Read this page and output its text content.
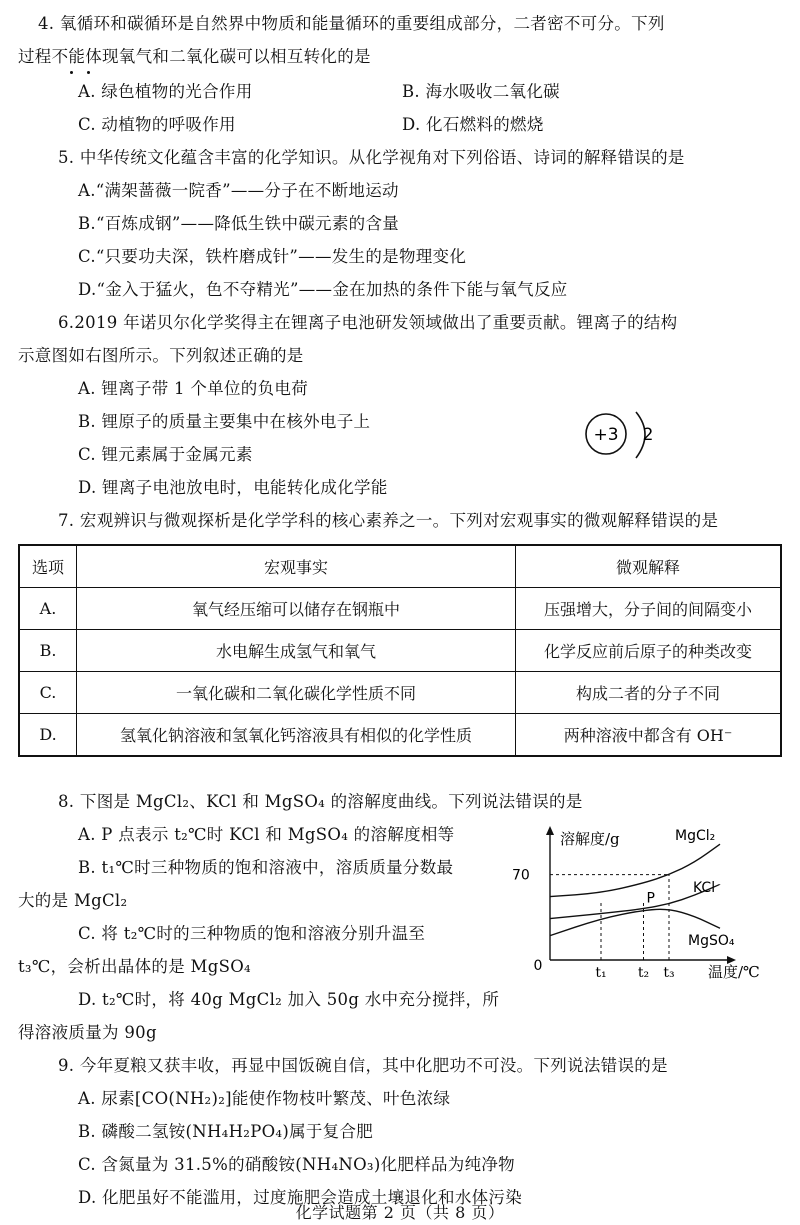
4. 氧循环和碳循环是自然界中物质和能量循环的重要组成部分，二者密不可分。下列
过程不能体现氧气和二氧化碳可以相互转化的是
A. 绿色植物的光合作用	B. 海水吸收二氧化碳
C. 动植物的呼吸作用	D. 化石燃料的燃烧
5. 中华传统文化蕴含丰富的化学知识。从化学视角对下列俗语、诗词的解释错误的是
A.“满架蔷薇一院香”——分子在不断地运动
B.“百炼成钢”——降低生铁中碳元素的含量
C.“只要功夫深，铁杵磨成针”——发生的是物理变化
D.“金入于猛火，色不夺精光”——金在加热的条件下能与氧气反应
6.2019 年诺贝尔化学奖得主在锂离子电池研发领域做出了重要贡献。锂离子的结构
示意图如右图所示。下列叙述正确的是
A. 锂离子带 1 个单位的负电荷
B. 锂原子的质量主要集中在核外电子上
C. 锂元素属于金属元素
D. 锂离子电池放电时，电能转化成化学能
+3 2
7. 宏观辨识与微观探析是化学学科的核心素养之一。下列对宏观事实的微观解释错误的是
选项	宏观事实	微观解释
A.	氧气经压缩可以储存在钢瓶中	压强增大，分子间的间隔变小
B.	水电解生成氢气和氧气	化学反应前后原子的种类改变
C.	一氧化碳和二氧化碳化学性质不同	构成二者的分子不同
D.	氢氧化钠溶液和氢氧化钙溶液具有相似的化学性质	两种溶液中都含有 OH⁻
8. 下图是 MgCl₂、KCl 和 MgSO₄ 的溶解度曲线。下列说法错误的是
A. P 点表示 t₂℃时 KCl 和 MgSO₄ 的溶解度相等
B. t₁℃时三种物质的饱和溶液中，溶质质量分数最
大的是 MgCl₂
C. 将 t₂℃时的三种物质的饱和溶液分别升温至
t₃℃，会析出晶体的是 MgSO₄
D. t₂℃时，将 40g MgCl₂ 加入 50g 水中充分搅拌，所
得溶液质量为 90g
溶解度/g
温度/℃
0
MgCl₂
KCl
MgSO₄
70
t₁ t₂ t₃
P
9. 今年夏粮又获丰收，再显中国饭碗自信，其中化肥功不可没。下列说法错误的是
A. 尿素[CO(NH₂)₂]能使作物枝叶繁茂、叶色浓绿
B. 磷酸二氢铵(NH₄H₂PO₄)属于复合肥
C. 含氮量为 31.5%的硝酸铵(NH₄NO₃)化肥样品为纯净物
D. 化肥虽好不能滥用，过度施肥会造成土壤退化和水体污染
化学试题第 2 页（共 8 页）
